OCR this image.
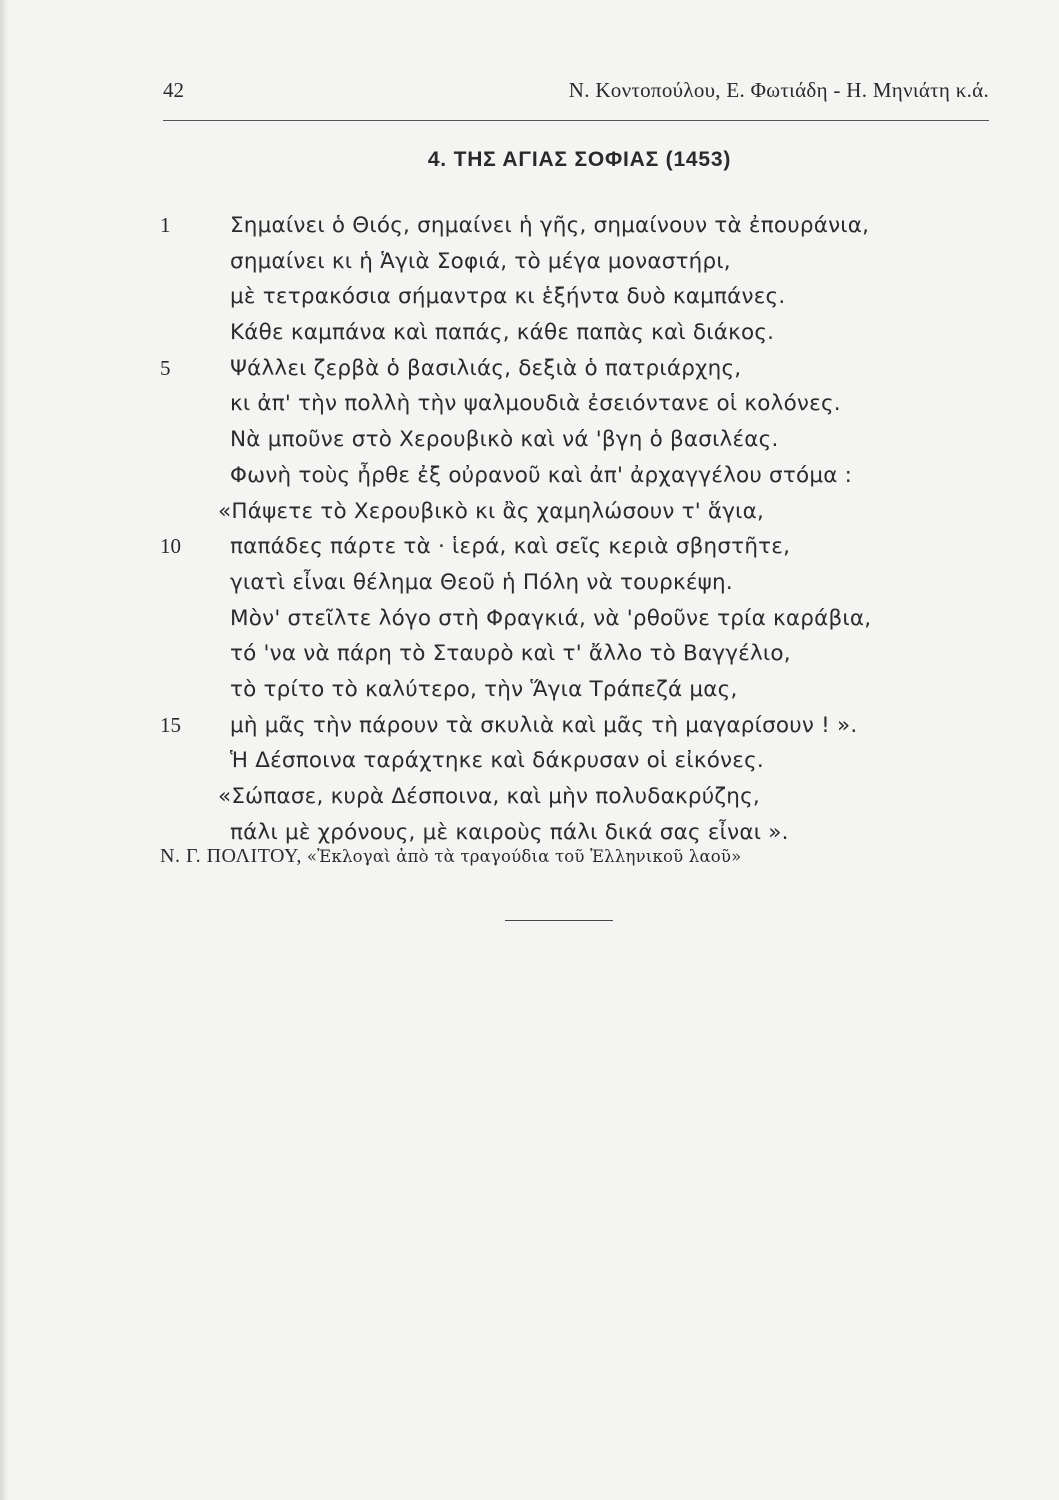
42	Ν. Κοντοπούλου, Ε. Φωτιάδη - Η. Μηνιάτη κ.ά.
4. ΤΗΣ ΑΓΙΑΣ ΣΟΦΙΑΣ (1453)
1	Σημαίνει ὁ Θιός, σημαίνει ἡ γῆς, σημαίνουν τὰ ἐπουράνια,
σημαίνει κι ἡ Ἁγιὰ Σοφιά, τὸ μέγα μοναστήρι,
μὲ τετρακόσια σήμαντρα κι ἑξήντα δυὸ καμπάνες.
Κάθε καμπάνα καὶ παπάς, κάθε παπὰς καὶ διάκος.
5	Ψάλλει ζερβὰ ὁ βασιλιάς, δεξιὰ ὁ πατριάρχης,
κι ἀπ' τὴν πολλὴ τὴν ψαλμουδιὰ ἐσειόντανε οἱ κολόνες.
Νὰ μποῦνε στὸ Χερουβικὸ καὶ νά 'βγη ὁ βασιλέας.
Φωνὴ τοὺς ἦρθε ἐξ οὐρανοῦ καὶ ἀπ' ἀρχαγγέλου στόμα :
«Πάψετε τὸ Χερουβικὸ κι ἂς χαμηλώσουν τ' ἅγια,
10	παπάδες πάρτε τὰ · ἱερά, καὶ σεῖς κεριὰ σβηστῆτε,
γιατὶ εἶναι θέλημα Θεοῦ ἡ Πόλη νὰ τουρκέψη.
Μὸν' στεῖλτε λόγο στὴ Φραγκιά, νὰ 'ρθοῦνε τρία καράβια,
τό 'να νὰ πάρη τὸ Σταυρὸ καὶ τ' ἄλλο τὸ Βαγγέλιο,
τὸ τρίτο τὸ καλύτερο, τὴν Ἅγια Τράπεζά μας,
15	μὴ μᾶς τὴν πάρουν τὰ σκυλιὰ καὶ μᾶς τὴ μαγαρίσουν ! ».
Ἡ Δέσποινα ταράχτηκε καὶ δάκρυσαν οἱ εἰκόνες.
«Σώπασε, κυρὰ Δέσποινα, καὶ μὴν πολυδακρύζης,
πάλι μὲ χρόνους, μὲ καιροὺς πάλι δικά σας εἶναι ».
Ν. Γ. ΠΟΛΙΤΟΥ, «Ἐκλογαὶ ἀπὸ τὰ τραγούδια τοῦ Ἑλληνικοῦ λαοῦ»
